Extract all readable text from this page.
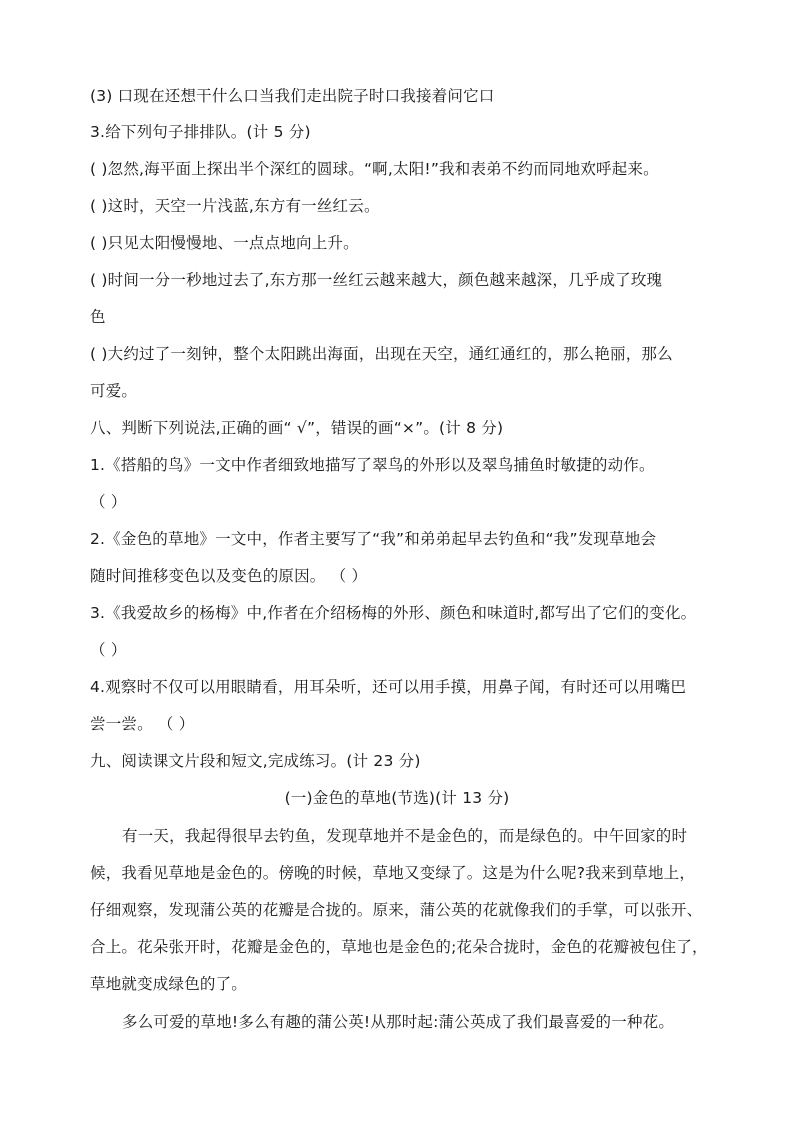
(3) 口现在还想干什么口当我们走出院子时口我接着问它口
3.给下列句子排排队。(计 5 分)
( )忽然,海平面上探出半个深红的圆球。“啊,太阳!”我和表弟不约而同地欢呼起来。
( )这时，天空一片浅蓝,东方有一丝红云。
( )只见太阳慢慢地、一点点地向上升。
( )时间一分一秒地过去了,东方那一丝红云越来越大，颜色越来越深，几乎成了玫瑰
色
( )大约过了一刻钟，整个太阳跳出海面，出现在天空，通红通红的，那么艳丽，那么
可爱。
八、判断下列说法,正确的画“ √”，错误的画“×”。(计 8 分)
1.《搭船的鸟》一文中作者细致地描写了翠鸟的外形以及翠鸟捕鱼时敏捷的动作。
（ ）
2.《金色的草地》一文中，作者主要写了“我”和弟弟起早去钓鱼和“我”发现草地会
随时间推移变色以及变色的原因。 （ ）
3.《我爱故乡的杨梅》中,作者在介绍杨梅的外形、颜色和味道时,都写出了它们的变化。
（ ）
4.观察时不仅可以用眼睛看，用耳朵听，还可以用手摸，用鼻子闻，有时还可以用嘴巴
尝一尝。 （ ）
九、阅读课文片段和短文,完成练习。(计 23 分)
(一)金色的草地(节选)(计 13 分)
有一天，我起得很早去钓鱼，发现草地并不是金色的，而是绿色的。中午回家的时
候，我看见草地是金色的。傍晚的时候，草地又变绿了。这是为什么呢?我来到草地上，
仔细观察，发现蒲公英的花瓣是合拢的。原来，蒲公英的花就像我们的手掌，可以张开、
合上。花朵张开时，花瓣是金色的，草地也是金色的;花朵合拢时，金色的花瓣被包住了，
草地就变成绿色的了。
多么可爱的草地!多么有趣的蒲公英!从那时起:蒲公英成了我们最喜爱的一种花。
